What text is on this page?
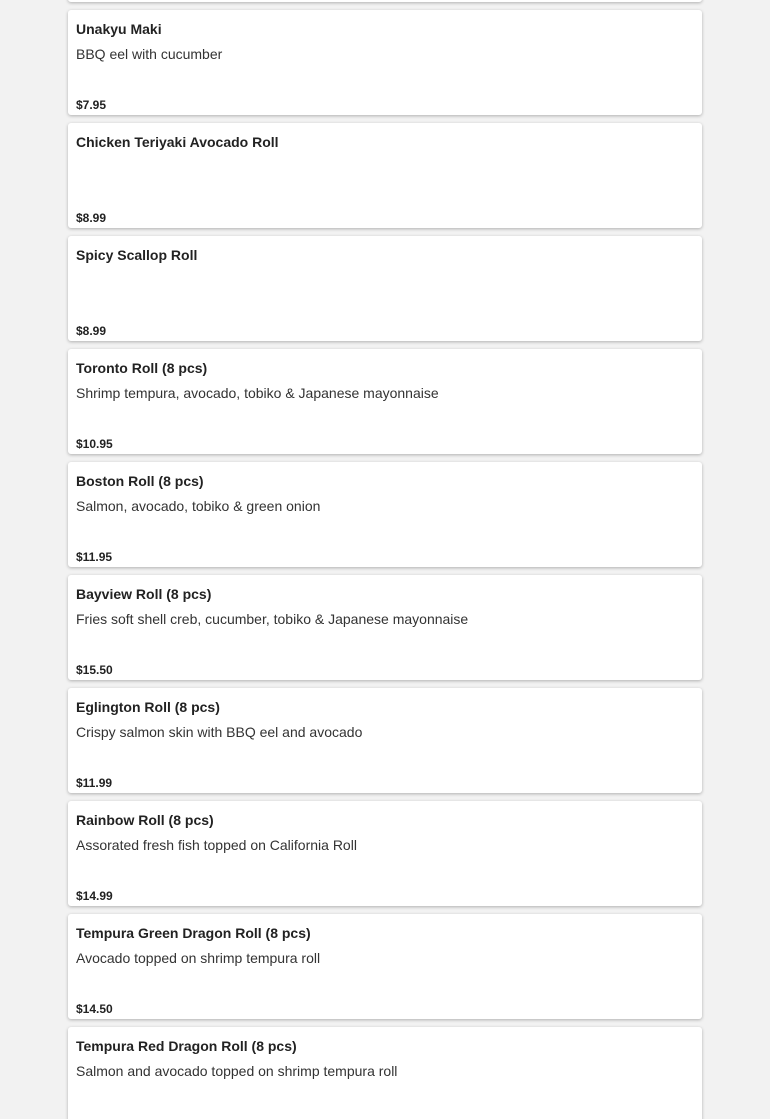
Unakyu Maki
BBQ eel with cucumber
$7.95
Chicken Teriyaki Avocado Roll
$8.99
Spicy Scallop Roll
$8.99
Toronto Roll (8 pcs)
Shrimp tempura, avocado, tobiko & Japanese mayonnaise
$10.95
Boston Roll (8 pcs)
Salmon, avocado, tobiko & green onion
$11.95
Bayview Roll (8 pcs)
Fries soft shell creb, cucumber, tobiko & Japanese mayonnaise
$15.50
Eglington Roll (8 pcs)
Crispy salmon skin with BBQ eel and avocado
$11.99
Rainbow Roll (8 pcs)
Assorated fresh fish topped on California Roll
$14.99
Tempura Green Dragon Roll (8 pcs)
Avocado topped on shrimp tempura roll
$14.50
Tempura Red Dragon Roll (8 pcs)
Salmon and avocado topped on shrimp tempura roll
